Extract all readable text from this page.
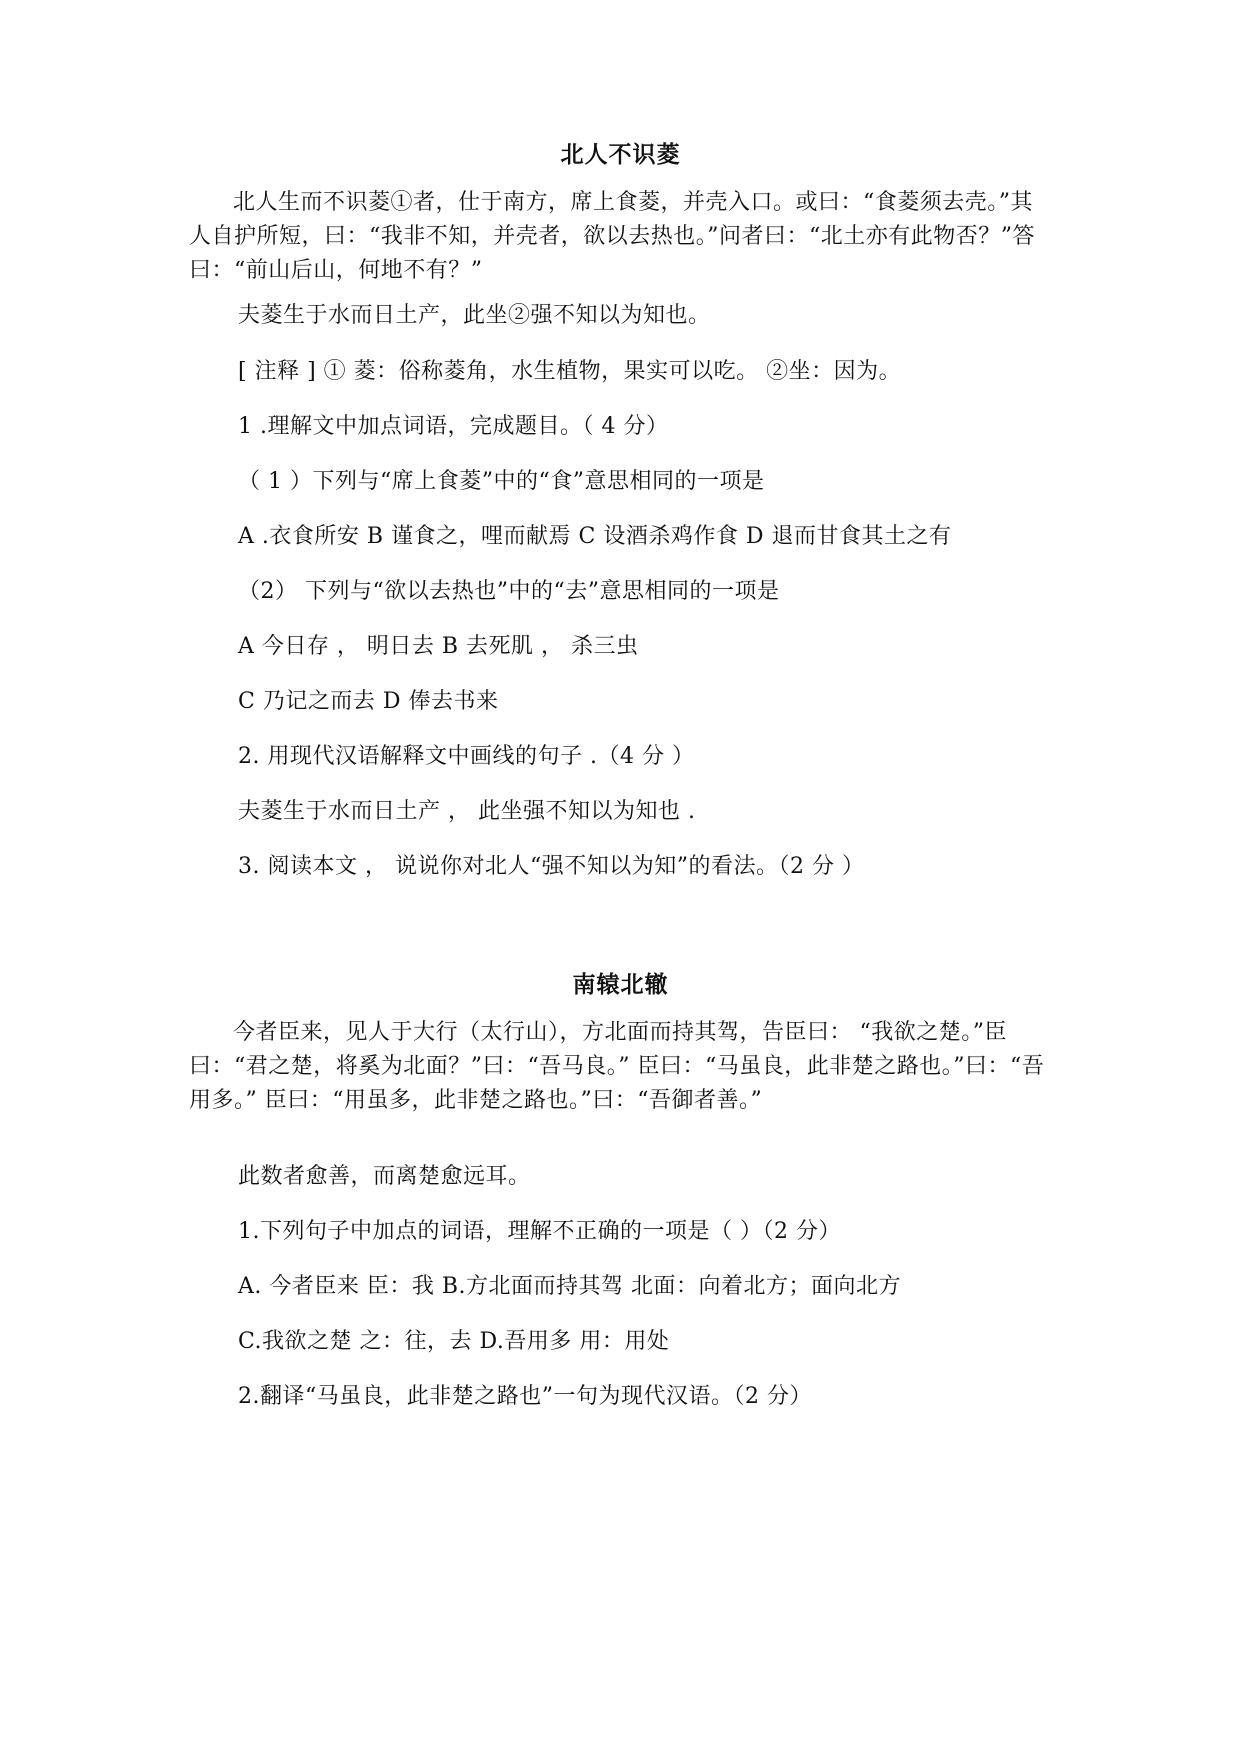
北人不识菱
北人生而不识菱①者，仕于南方，席上食菱，并壳入口。或曰：“食菱须去壳。”其人自护所短，曰：“我非不知，并壳者，欲以去热也。”问者曰：“北土亦有此物否？”答曰：“前山后山，何地不有？”
夫菱生于水而日土产，此坐②强不知以为知也。
[ 注释 ] ① 菱：俗称菱角，水生植物，果实可以吃。 ②坐：因为。
1 .理解文中加点词语，完成题目。（ 4 分）
（ 1 ）下列与“席上食菱”中的“食”意思相同的一项是
A .衣食所安 B 谨食之，哩而献焉 C 设酒杀鸡作食 D 退而甘食其土之有
（2） 下列与“欲以去热也”中的“去”意思相同的一项是
A 今日存 ， 明日去 B 去死肌 ， 杀三虫
C 乃记之而去 D 俸去书来
2. 用现代汉语解释文中画线的句子 .（4 分 ）
夫菱生于水而日土产 ， 此坐强不知以为知也 .
3. 阅读本文 ， 说说你对北人“强不知以为知”的看法。（2 分 ）
南辕北辙
今者臣来，见人于大行（太行山），方北面而持其驾，告臣曰： “我欲之楚。”臣曰：“君之楚，将奚为北面？”曰：“吾马良。” 臣曰：“马虽良，此非楚之路也。”曰：“吾用多。” 臣曰：“用虽多，此非楚之路也。”曰：“吾御者善。”
此数者愈善，而离楚愈远耳。
1.下列句子中加点的词语，理解不正确的一项是（ ）（2 分）
A. 今者臣来 臣：我 B.方北面而持其驾 北面：向着北方；面向北方
C.我欲之楚 之：往，去 D.吾用多 用：用处
2.翻译“马虽良，此非楚之路也”一句为现代汉语。（2 分）
